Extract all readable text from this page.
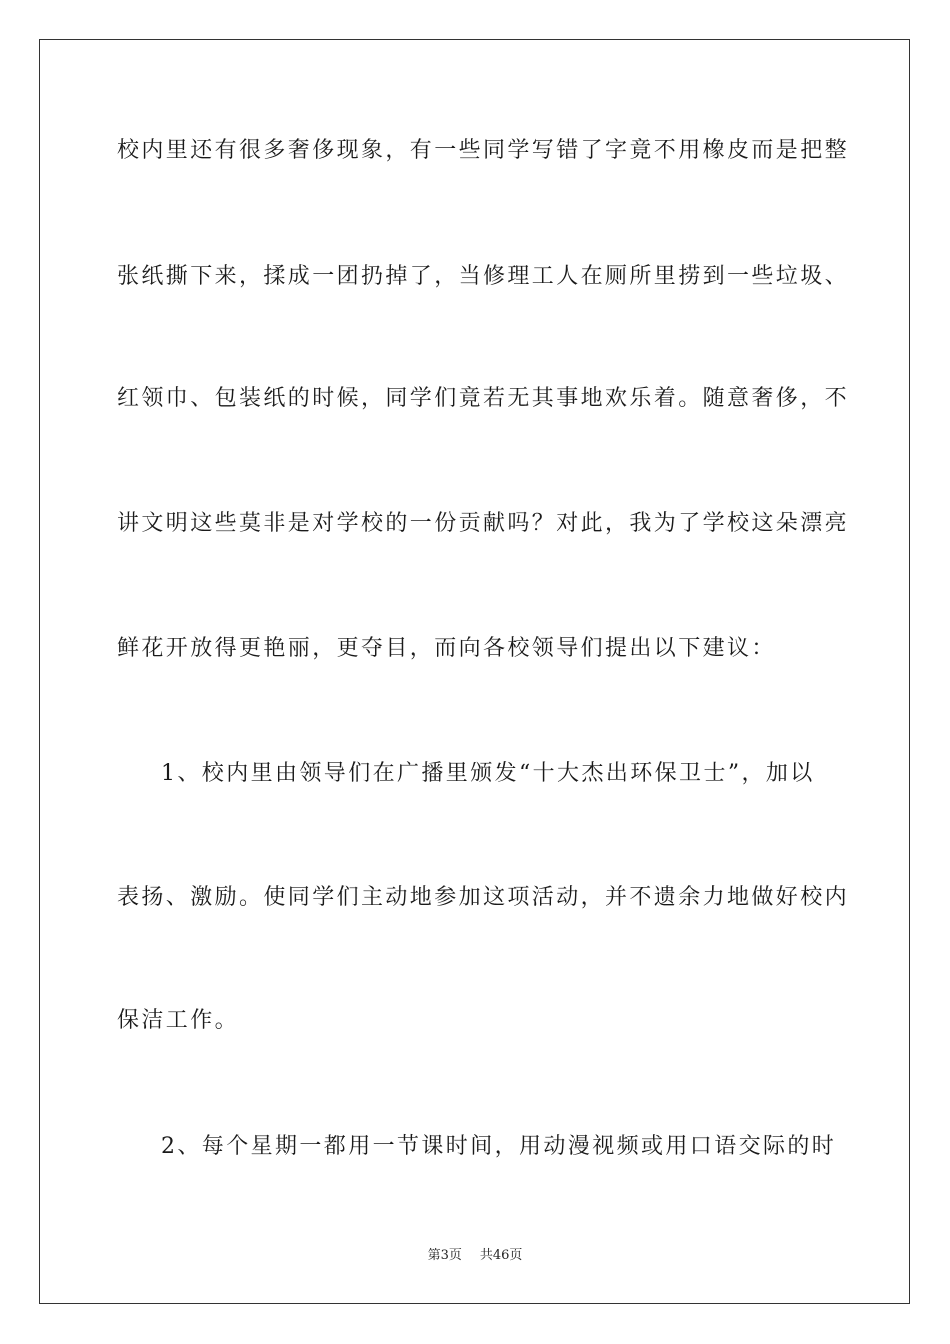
校内里还有很多奢侈现象，有一些同学写错了字竟不用橡皮而是把整
张纸撕下来，揉成一团扔掉了，当修理工人在厕所里捞到一些垃圾、
红领巾、包装纸的时候，同学们竟若无其事地欢乐着。随意奢侈，不
讲文明这些莫非是对学校的一份贡献吗？对此，我为了学校这朵漂亮
鲜花开放得更艳丽，更夺目，而向各校领导们提出以下建议：
1、校内里由领导们在广播里颁发“十大杰出环保卫士”，加以
表扬、激励。使同学们主动地参加这项活动，并不遗余力地做好校内
保洁工作。
2、每个星期一都用一节课时间，用动漫视频或用口语交际的时
第3页 共46页
